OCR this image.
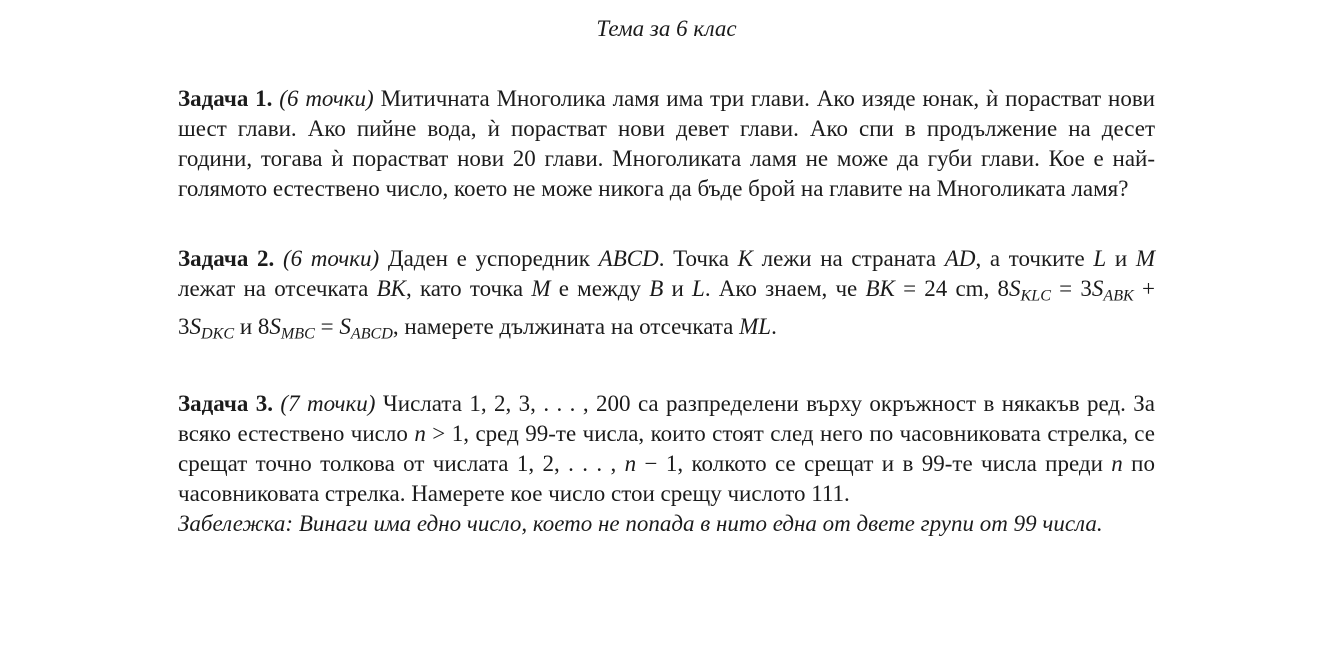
Тема за 6 клас

Задача 1. (6 точки) Митичната Многолика ламя има три глави. Ако изяде юнак, ѝ порастват нови шест глави. Ако пийне вода, ѝ порастват нови девет глави. Ако спи в продължение на десет години, тогава ѝ порастват нови 20 глави. Многоликата ламя не може да губи глави. Кое е най-голямото естествено число, което не може никога да бъде брой на главите на Многоликата ламя?

Задача 2. (6 точки) Даден е успоредник ABCD. Точка K лежи на страната AD, а точките L и M лежат на отсечката BK, като точка M е между B и L. Ако знаем, че BK = 24 cm, 8SKLC = 3SABK + 3SDKC и 8SMBC = SABCD, намерете дължината на отсечката ML.

Задача 3. (7 точки) Числата 1, 2, 3, . . . , 200 са разпределени върху окръжност в някакъв ред. За всяко естествено число n > 1, сред 99-те числа, които стоят след него по часовниковата стрелка, се срещат точно толкова от числата 1, 2, . . . , n − 1, колкото се срещат и в 99-те числа преди n по часовниковата стрелка. Намерете кое число стои срещу числото 111.

Забележка: Винаги има едно число, което не попада в нито една от двете групи от 99 числа.
